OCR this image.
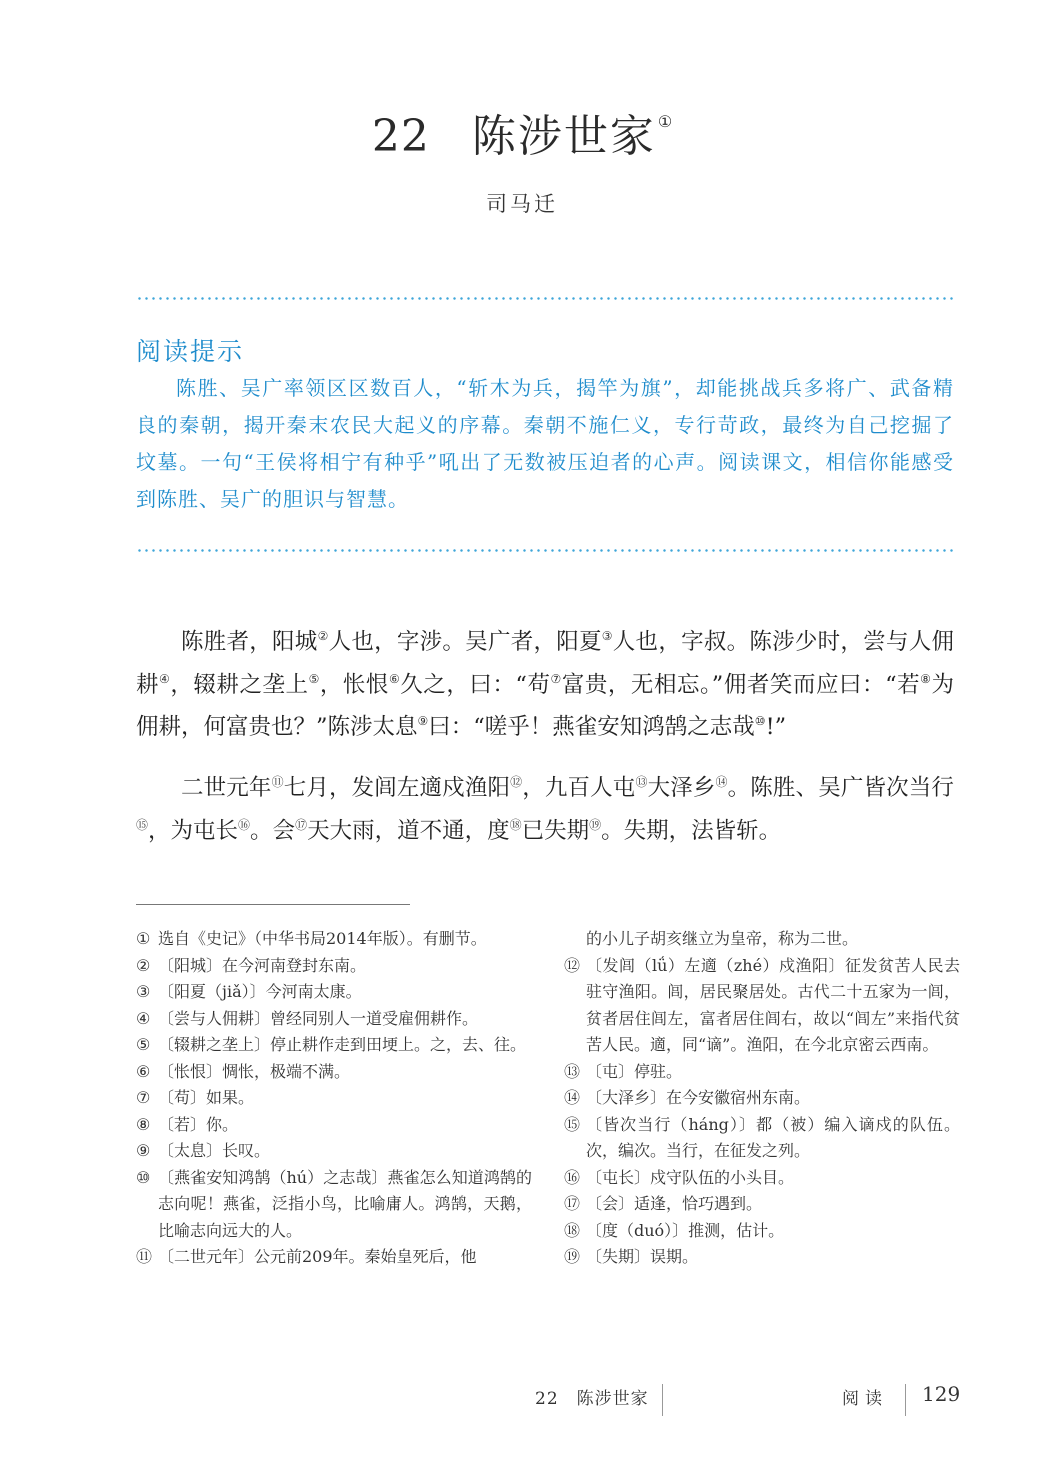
22 陈涉世家 ①
司马迁
阅读提示
陈胜、吴广率领区区数百人，“斩木为兵，揭竿为旗”，却能挑战兵多将广、武备精良的秦朝，揭开秦末农民大起义的序幕。秦朝不施仁义，专行苛政，最终为自己挖掘了坟墓。一句“王侯将相宁有种乎”吼出了无数被压迫者的心声。阅读课文，相信你能感受到陈胜、吴广的胆识与智慧。

陈胜者，阳城②人也，字涉。吴广者，阳夏③人也，字叔。陈涉少时，尝与人佣耕④，辍耕之垄上⑤，怅恨⑥久之，曰：“苟⑦富贵，无相忘。”佣者笑而应曰：“若⑧为佣耕，何富贵也？”陈涉太息⑨曰：“嗟乎！燕雀安知鸿鹄之志哉⑩!”

二世元年⑪七月，发闾左適戍渔阳⑫，九百人屯⑬大泽乡⑭。陈胜、吴广皆次当行⑮，为屯长⑯。会⑰天大雨，道不通，度⑱已失期⑲。失期，法皆斩。

① 选自《史记》（中华书局2014年版）。有删节。
② 〔阳城〕在今河南登封东南。
③ 〔阳夏（jiǎ）〕今河南太康。
④ 〔尝与人佣耕〕曾经同别人一道受雇佣耕作。
⑤ 〔辍耕之垄上〕停止耕作走到田埂上。之，去、往。
⑥ 〔怅恨〕惆怅，极端不满。
⑦ 〔苟〕如果。
⑧ 〔若〕你。
⑨ 〔太息〕长叹。
⑩ 〔燕雀安知鸿鹄（hú）之志哉〕燕雀怎么知道鸿鹄的志向呢！燕雀，泛指小鸟，比喻庸人。鸿鹄，天鹅，比喻志向远大的人。
⑪ 〔二世元年〕公元前209年。秦始皇死后，他
的小儿子胡亥继立为皇帝，称为二世。
⑫ 〔发闾（lǘ）左適（zhé）戍渔阳〕征发贫苦人民去驻守渔阳。闾，居民聚居处。古代二十五家为一闾，贫者居住闾左，富者居住闾右，故以“闾左”来指代贫苦人民。適，同“谪”。渔阳，在今北京密云西南。
⑬ 〔屯〕停驻。
⑭ 〔大泽乡〕在今安徽宿州东南。
⑮ 〔皆次当行（háng）〕都（被）编入谪戍的队伍。次，编次。当行，在征发之列。
⑯ 〔屯长〕戍守队伍的小头目。
⑰ 〔会〕适逢，恰巧遇到。
⑱ 〔度（duó）〕推测，估计。
⑲ 〔失期〕误期。
22　陈涉世家	阅读 129
